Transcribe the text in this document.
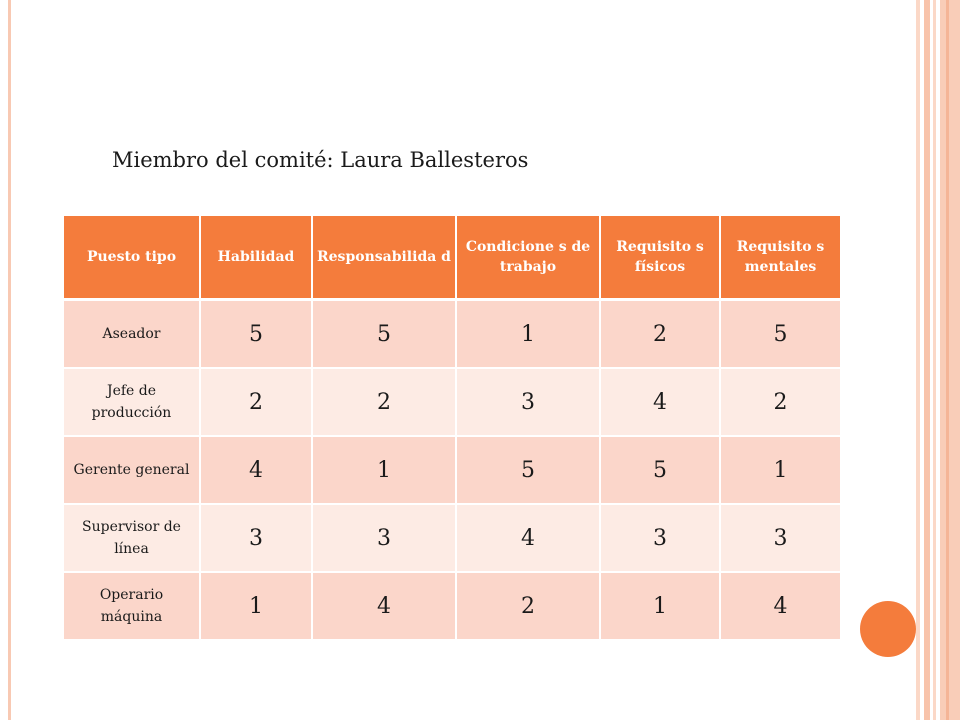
Miembro del comité: Laura Ballesteros
Puesto tipo	Habilidad	Responsabilida d	Condicione s de trabajo	Requisito s físicos	Requisito s mentales
Aseador	5	5	1	2	5
Jefe de producción	2	2	3	4	2
Gerente general	4	1	5	5	1
Supervisor de línea	3	3	4	3	3
Operario máquina	1	4	2	1	4
